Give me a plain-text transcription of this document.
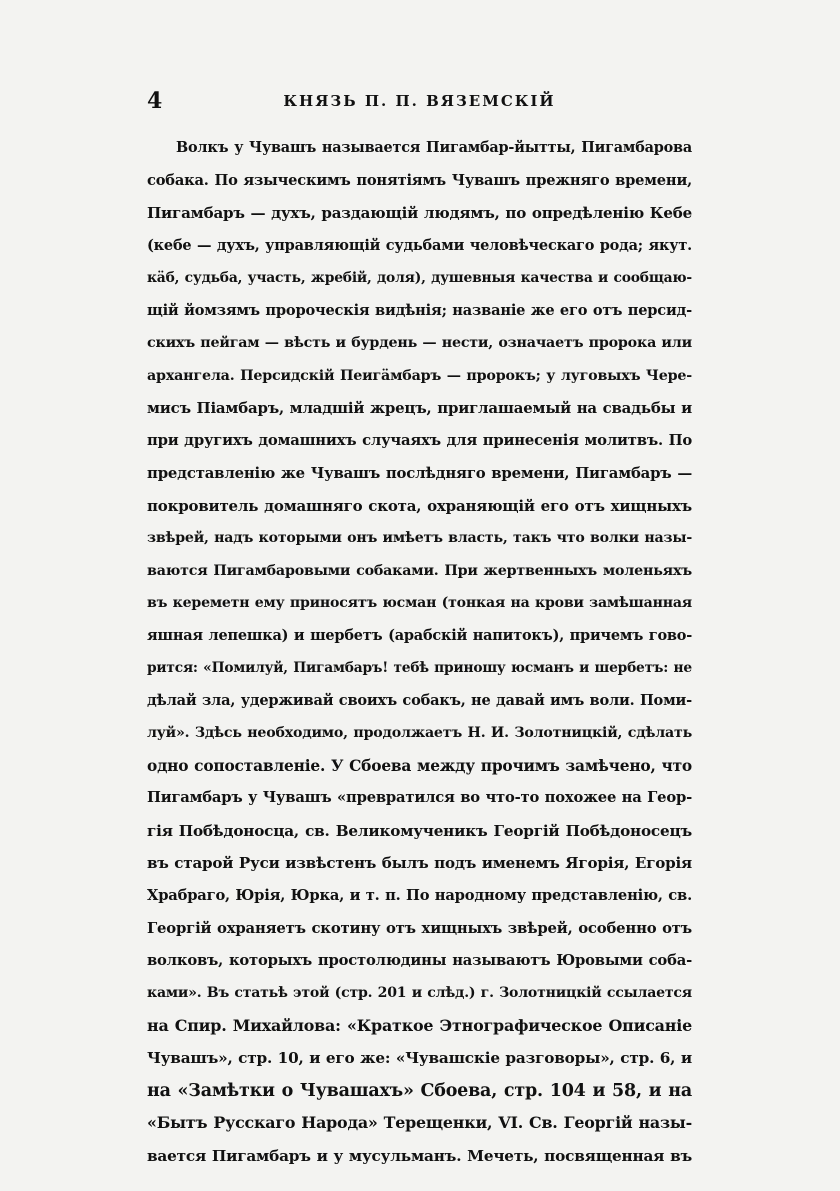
4	КНЯЗЬ П. П. ВЯЗЕМСКІЙ
Волкъ у Чувашъ называется Пигамбар-йытты, Пигамбарова
собака. По языческимъ понятіямъ Чувашъ прежняго времени,
Пигамбаръ — духъ, раздающій людямъ, по опредѣленію Кебе
(кебе — духъ, управляющій судьбами человѣческаго рода; якут.
кӓб, судьба, участь, жребій, доля), душевныя качества и сообщаю-
щій йомзямъ пророческія видѣнія; названіе же его отъ персид-
скихъ пейгам — вѣсть и бурдень — нести, означаетъ пророка или
архангела. Персидскій Пеигӓмбаръ — пророкъ; у луговыхъ Чере-
мисъ Піамбаръ, младшій жрецъ, приглашаемый на свадьбы и
при другихъ домашнихъ случаяхъ для принесенія молитвъ. По
представленію же Чувашъ послѣдняго времени, Пигамбаръ —
покровитель домашняго скота, охраняющій его отъ хищныхъ
звѣрей, надъ которыми онъ имѣетъ власть, такъ что волки назы-
ваются Пигамбаровыми собаками. При жертвенныхъ моленьяхъ
въ кереметн ему приносятъ юсман (тонкая на крови замѣшанная
яшная лепешка) и шербетъ (арабскій напитокъ), причемъ гово-
рится: «Помилуй, Пигамбаръ! тебѣ приношу юсманъ и шербетъ: не
дѣлай зла, удерживай своихъ собакъ, не давай имъ воли. Поми-
луй». Здѣсь необходимо, продолжаетъ Н. И. Золотницкій, сдѣлать
одно сопоставленіе. У Сбоева между прочимъ замѣчено, что
Пигамбаръ у Чувашъ «превратился во что-то похожее на Геор-
гія Побѣдоносца, св. Великомученикъ Георгій Побѣдоносецъ
въ старой Руси извѣстенъ былъ подъ именемъ Ягорія, Егорія
Храбраго, Юрія, Юрка, и т. п. По народному представленію, св.
Георгій охраняетъ скотину отъ хищныхъ звѣрей, особенно отъ
волковъ, которыхъ простолюдины называютъ Юровыми соба-
ками». Въ статьѣ этой (стр. 201 и слѣд.) г. Золотницкій ссылается
на Спир. Михайлова: «Краткое Этнографическое Описаніе
Чувашъ», стр. 10, и его же: «Чувашскіе разговоры», стр. 6, и
на «Замѣтки о Чувашахъ» Сбоева, стр. 104 и 58, и на
«Бытъ Русскаго Народа» Терещенки, VI. Св. Георгій назы-
вается Пигамбаръ и у мусульманъ. Мечеть, посвященная въ
